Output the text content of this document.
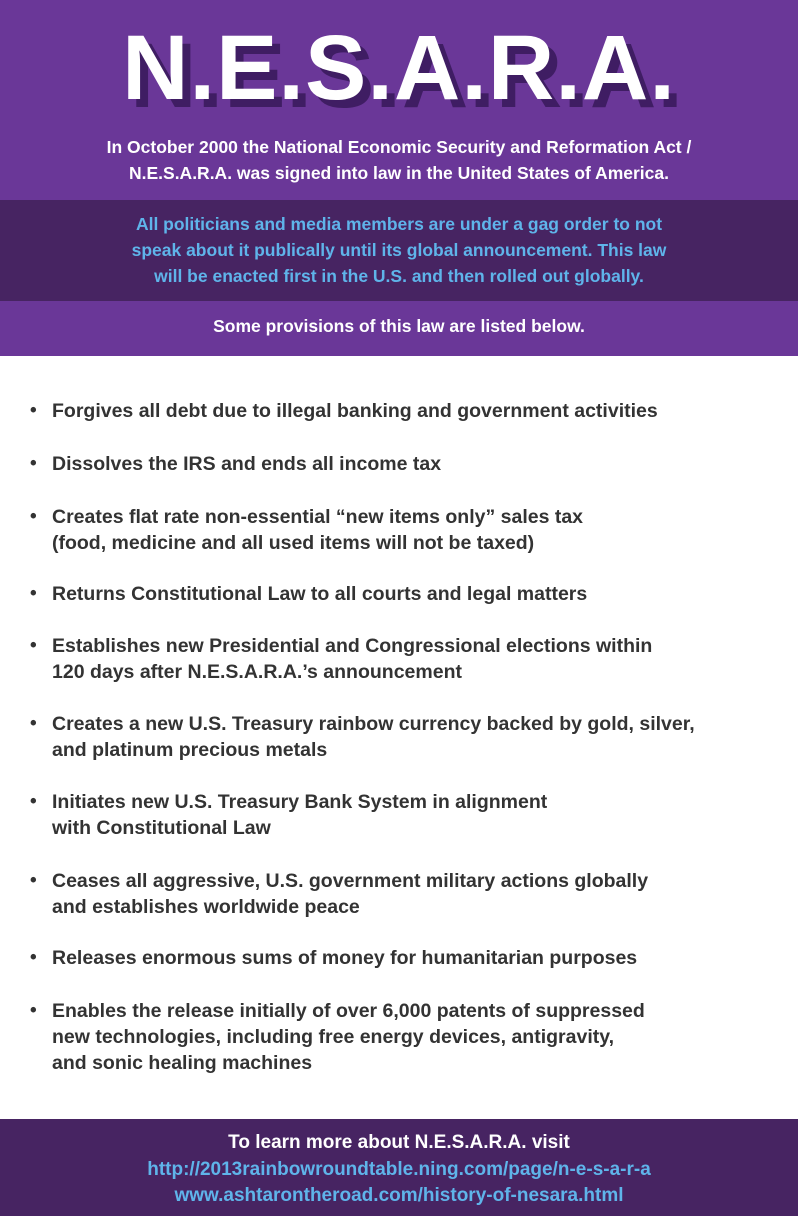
N.E.S.A.R.A.
In October 2000 the National Economic Security and Reformation Act /
N.E.S.A.R.A. was signed into law in the United States of America.
All politicians and media members are under a gag order to not
speak about it publically until its global announcement. This law
will be enacted first in the U.S. and then rolled out globally.
Some provisions of this law are listed below.
• Forgives all debt due to illegal banking and government activities
• Dissolves the IRS and ends all income tax
• Creates flat rate non-essential “new items only” sales tax
(food, medicine and all used items will not be taxed)
• Returns Constitutional Law to all courts and legal matters
• Establishes new Presidential and Congressional elections within
120 days after N.E.S.A.R.A.’s announcement
• Creates a new U.S. Treasury rainbow currency backed by gold, silver,
and platinum precious metals
• Initiates new U.S. Treasury Bank System in alignment
with Constitutional Law
• Ceases all aggressive, U.S. government military actions globally
and establishes worldwide peace
• Releases enormous sums of money for humanitarian purposes
• Enables the release initially of over 6,000 patents of suppressed
new technologies, including free energy devices, antigravity,
and sonic healing machines
To learn more about N.E.S.A.R.A. visit
http://2013rainbowroundtable.ning.com/page/n-e-s-a-r-a
www.ashtarontheroad.com/history-of-nesara.html
